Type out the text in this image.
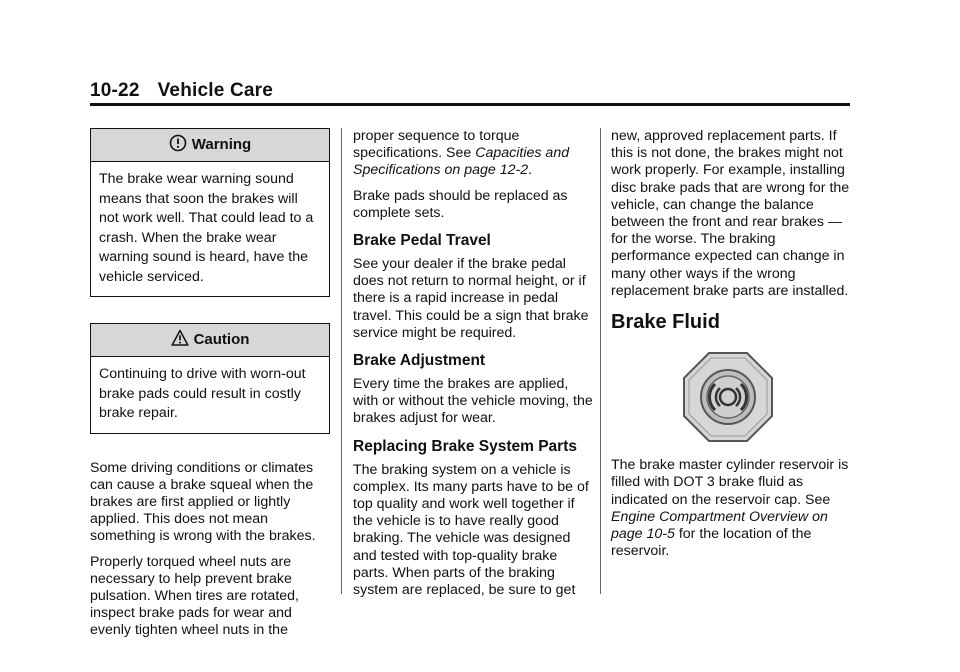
10-22 Vehicle Care
Warning
The brake wear warning sound means that soon the brakes will not work well. That could lead to a crash. When the brake wear warning sound is heard, have the vehicle serviced.
Caution
Continuing to drive with worn-out brake pads could result in costly brake repair.

Some driving conditions or climates can cause a brake squeal when the brakes are first applied or lightly applied. This does not mean something is wrong with the brakes.

Properly torqued wheel nuts are necessary to help prevent brake pulsation. When tires are rotated, inspect brake pads for wear and evenly tighten wheel nuts in the

proper sequence to torque specifications. See Capacities and Specifications on page 12-2.

Brake pads should be replaced as complete sets.

Brake Pedal Travel

See your dealer if the brake pedal does not return to normal height, or if there is a rapid increase in pedal travel. This could be a sign that brake service might be required.

Brake Adjustment

Every time the brakes are applied, with or without the vehicle moving, the brakes adjust for wear.

Replacing Brake System Parts

The braking system on a vehicle is complex. Its many parts have to be of top quality and work well together if the vehicle is to have really good braking. The vehicle was designed and tested with top-quality brake parts. When parts of the braking system are replaced, be sure to get

new, approved replacement parts. If this is not done, the brakes might not work properly. For example, installing disc brake pads that are wrong for the vehicle, can change the balance between the front and rear brakes — for the worse. The braking performance expected can change in many other ways if the wrong replacement brake parts are installed.

Brake Fluid

The brake master cylinder reservoir is filled with DOT 3 brake fluid as indicated on the reservoir cap. See Engine Compartment Overview on page 10-5 for the location of the reservoir.
